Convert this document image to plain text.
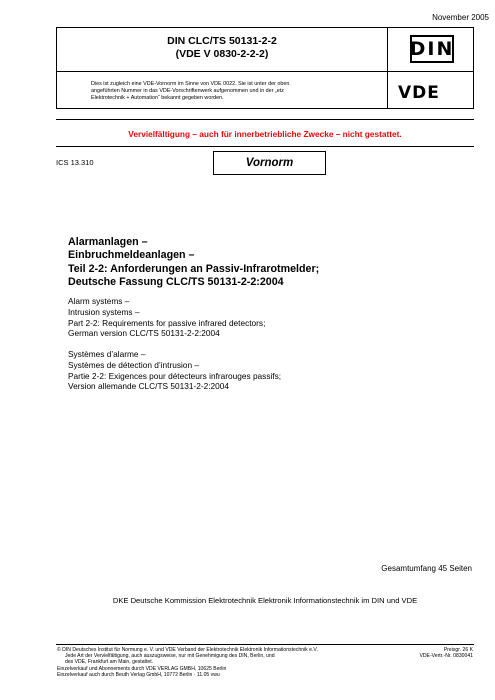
November 2005
DIN CLC/TS 50131-2-2
(VDE V 0830-2-2-2)	DIN
Dies ist zugleich eine VDE-Vornorm im Sinne von VDE 0022. Sie ist unter der oben
angeführten Nummer in das VDE-Vorschriftenwerk aufgenommen und in der „etz
Elektrotechnik + Automation“ bekannt gegeben worden.	VDE
Vervielfältigung – auch für innerbetriebliche Zwecke – nicht gestattet.
ICS 13.310	Vornorm
Alarmanlagen –
Einbruchmeldeanlagen –
Teil 2-2: Anforderungen an Passiv-Infrarotmelder;
Deutsche Fassung CLC/TS 50131-2-2:2004
Alarm systems –
Intrusion systems –
Part 2-2: Requirements for passive infrared detectors;
German version CLC/TS 50131-2-2:2004
Systèmes d’alarme –
Systèmes de détection d’intrusion –
Partie 2-2: Exigences pour détecteurs infrarouges passifs;
Version allemande CLC/TS 50131-2-2:2004
Gesamtumfang 45 Seiten
DKE Deutsche Kommission Elektrotechnik Elektronik Informationstechnik im DIN und VDE
© DIN Deutsches Institut für Normung e. V. und VDE Verband der Elektrotechnik Elektronik Informationstechnik e.V.
Jede Art der Vervielfältigung, auch auszugsweise, nur mit Genehmigung des DIN, Berlin, und
des VDE, Frankfurt am Main, gestattet.
Einzelverkauf und Abonnements durch VDE VERLAG GMBH, 10625 Berlin
Einzelverkauf auch durch Beuth Verlag GmbH, 10772 Berlin · 11.05 vwu
Preisgr. 26 K
VDE-Vertr.-Nr. 0830041
